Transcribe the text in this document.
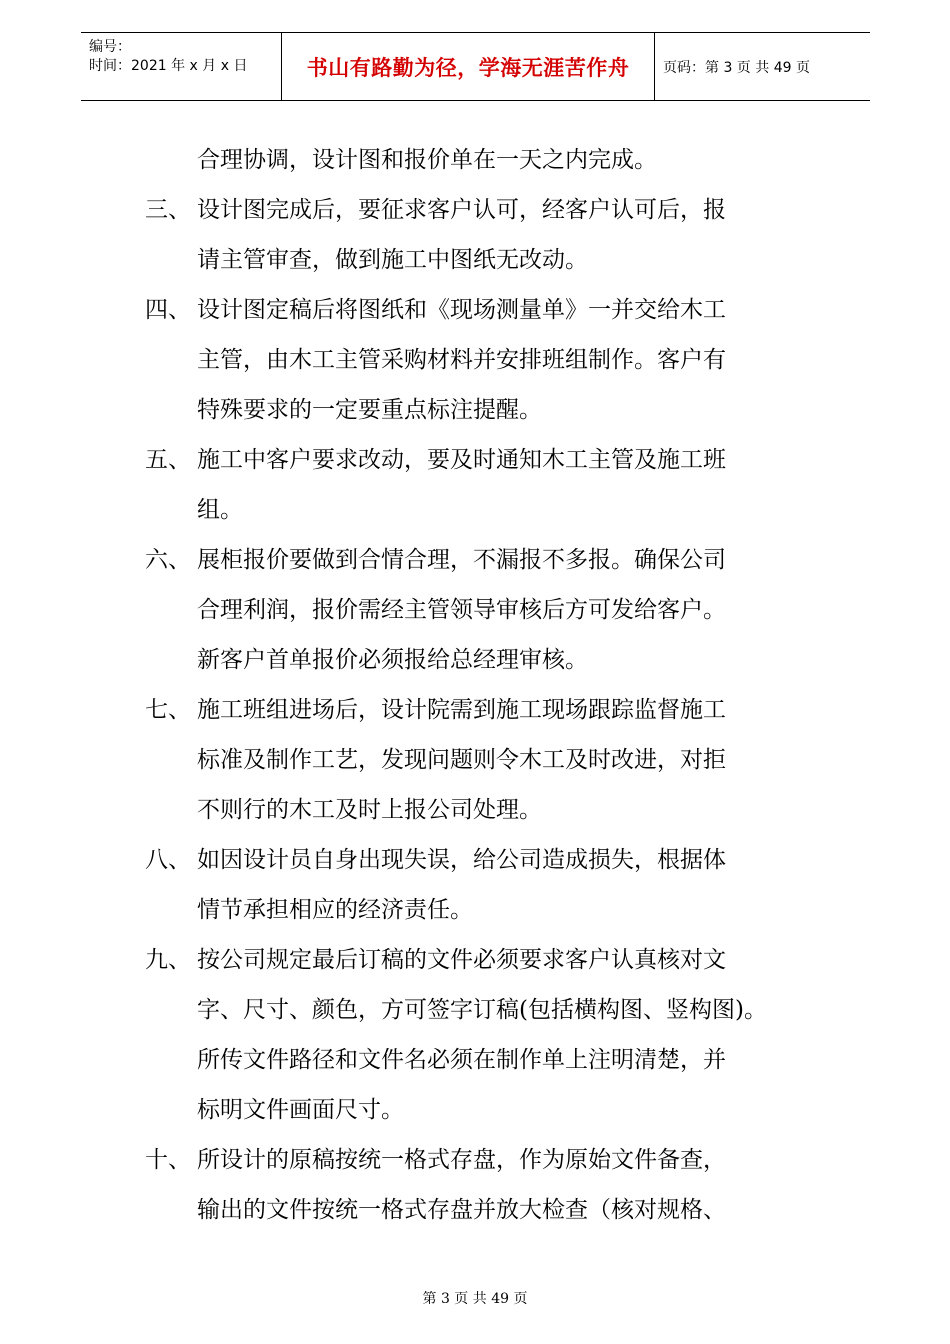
编号：
时间：2021 年 x 月 x 日	书山有路勤为径，学海无涯苦作舟	页码：第 3 页 共 49 页
合理协调，设计图和报价单在一天之内完成。
三、 设计图完成后，要征求客户认可，经客户认可后，报
请主管审查，做到施工中图纸无改动。
四、 设计图定稿后将图纸和《现场测量单》一并交给木工
主管，由木工主管采购材料并安排班组制作。客户有
特殊要求的一定要重点标注提醒。
五、 施工中客户要求改动，要及时通知木工主管及施工班
组。
六、 展柜报价要做到合情合理，不漏报不多报。确保公司
合理利润，报价需经主管领导审核后方可发给客户。
新客户首单报价必须报给总经理审核。
七、 施工班组进场后，设计院需到施工现场跟踪监督施工
标准及制作工艺，发现问题则令木工及时改进，对拒
不则行的木工及时上报公司处理。
八、 如因设计员自身出现失误，给公司造成损失，根据体
情节承担相应的经济责任。
九、 按公司规定最后订稿的文件必须要求客户认真核对文
字、尺寸、颜色，方可签字订稿(包括横构图、竖构图)。
所传文件路径和文件名必须在制作单上注明清楚，并
标明文件画面尺寸。
十、 所设计的原稿按统一格式存盘，作为原始文件备查，
输出的文件按统一格式存盘并放大检查（核对规格、
第 3 页 共 49 页
